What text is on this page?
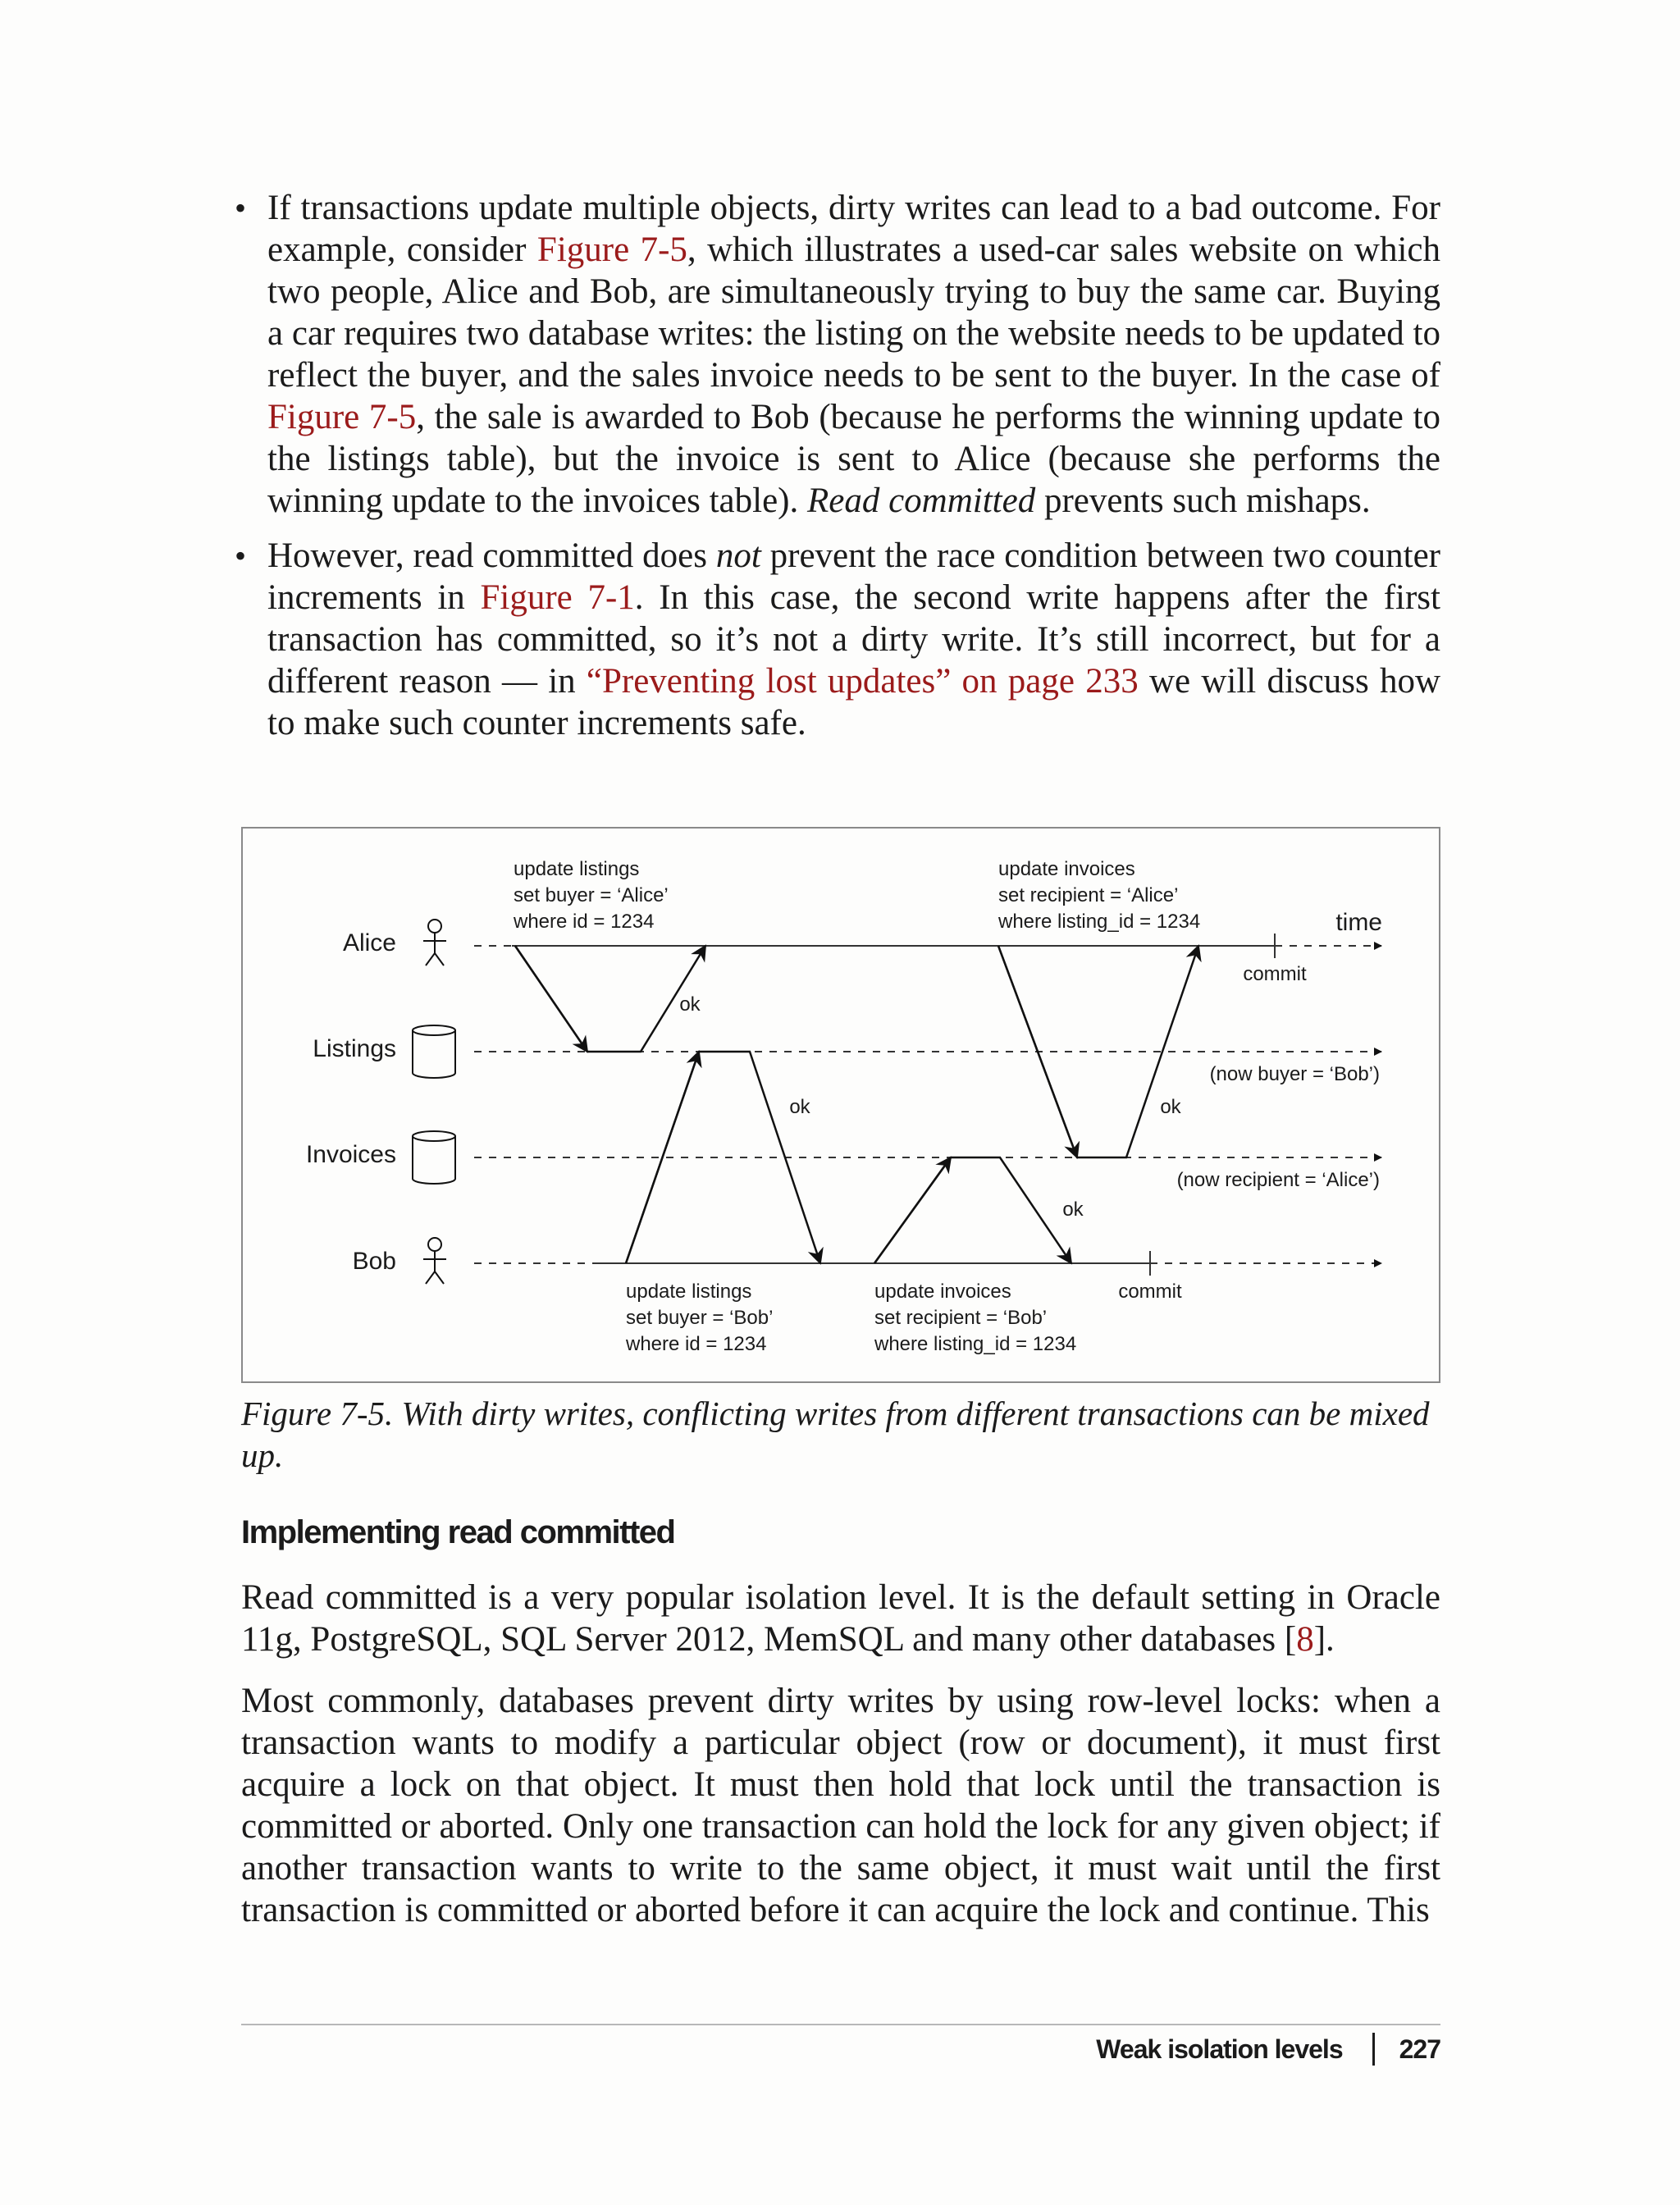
• If transactions update multiple objects, dirty writes can lead to a bad outcome. For example, consider Figure 7-5, which illustrates a used-car sales website on which two people, Alice and Bob, are simultaneously trying to buy the same car. Buying a car requires two database writes: the listing on the website needs to be updated to reflect the buyer, and the sales invoice needs to be sent to the buyer. In the case of Figure 7-5, the sale is awarded to Bob (because he performs the winning update to the listings table), but the invoice is sent to Alice (because she performs the winning update to the invoices table). Read committed prevents such mishaps.
• However, read committed does not prevent the race condition between two counter increments in Figure 7-1. In this case, the second write happens after the first transaction has committed, so it’s not a dirty write. It’s still incorrect, but for a different reason — in “Preventing lost updates” on page 233 we will discuss how to make such counter increments safe.
Alice
Listings
Invoices
Bob
ok
ok
ok
ok
update listings
set buyer = ‘Alice’
where id = 1234
update invoices
set recipient = ‘Alice’
where listing_id = 1234
update listings
set buyer = ‘Bob’
where id = 1234
update invoices
set recipient = ‘Bob’
where listing_id = 1234
time
commit
commit
(now buyer = ‘Bob’)
(now recipient = ‘Alice’)

Figure 7-5. With dirty writes, conflicting writes from different transactions can be mixed up.

Implementing read committed

Read committed is a very popular isolation level. It is the default setting in Oracle 11g, PostgreSQL, SQL Server 2012, MemSQL and many other databases [8].

Most commonly, databases prevent dirty writes by using row-level locks: when a transaction wants to modify a particular object (row or document), it must first acquire a lock on that object. It must then hold that lock until the transaction is committed or aborted. Only one transaction can hold the lock for any given object; if another transaction wants to write to the same object, it must wait until the first transaction is committed or aborted before it can acquire the lock and continue. This

Weak isolation levels 227
